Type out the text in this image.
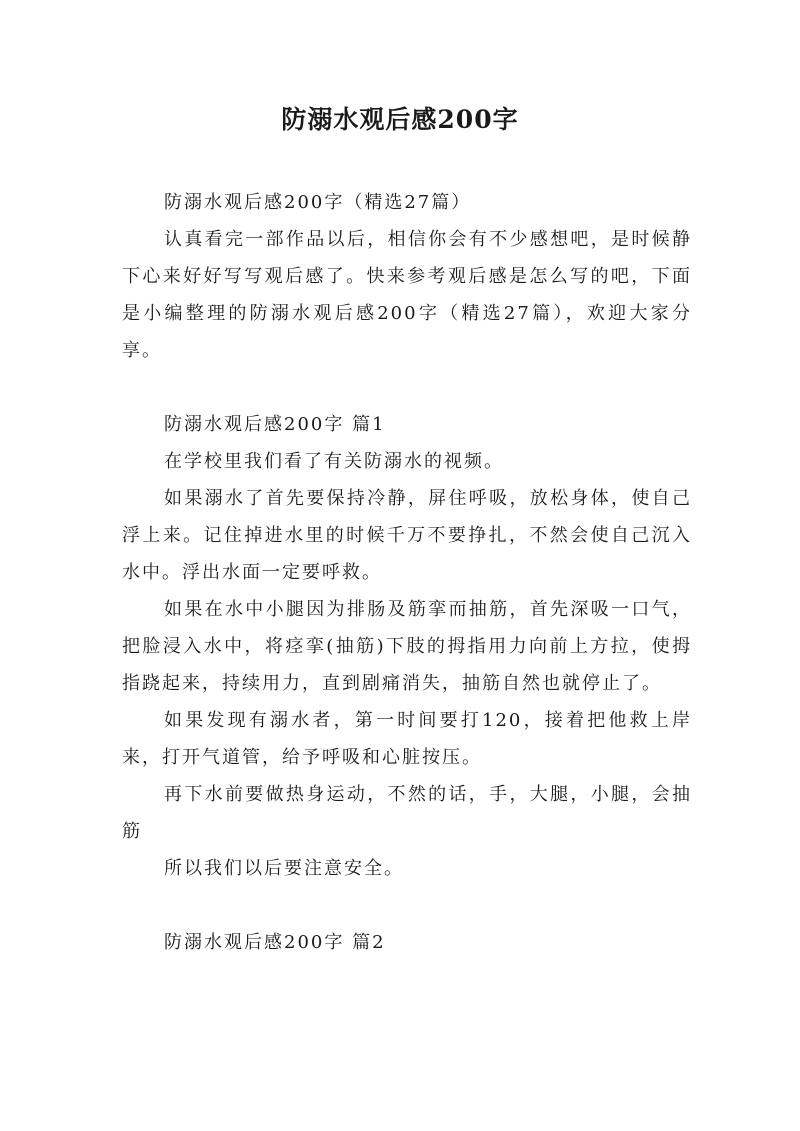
防溺水观后感200字

防溺水观后感200字（精选27篇）

认真看完一部作品以后，相信你会有不少感想吧，是时候静下心来好好写写观后感了。快来参考观后感是怎么写的吧，下面是小编整理的防溺水观后感200字（精选27篇），欢迎大家分享。

防溺水观后感200字 篇1

在学校里我们看了有关防溺水的视频。

如果溺水了首先要保持冷静，屏住呼吸，放松身体，使自己浮上来。记住掉进水里的时候千万不要挣扎，不然会使自己沉入水中。浮出水面一定要呼救。

如果在水中小腿因为排肠及筋挛而抽筋，首先深吸一口气，把脸浸入水中，将痉挛(抽筋)下肢的拇指用力向前上方拉，使拇指跷起来，持续用力，直到剧痛消失，抽筋自然也就停止了。

如果发现有溺水者，第一时间要打120，接着把他救上岸来，打开气道管，给予呼吸和心脏按压。

再下水前要做热身运动，不然的话，手，大腿，小腿，会抽筋

所以我们以后要注意安全。

防溺水观后感200字 篇2
